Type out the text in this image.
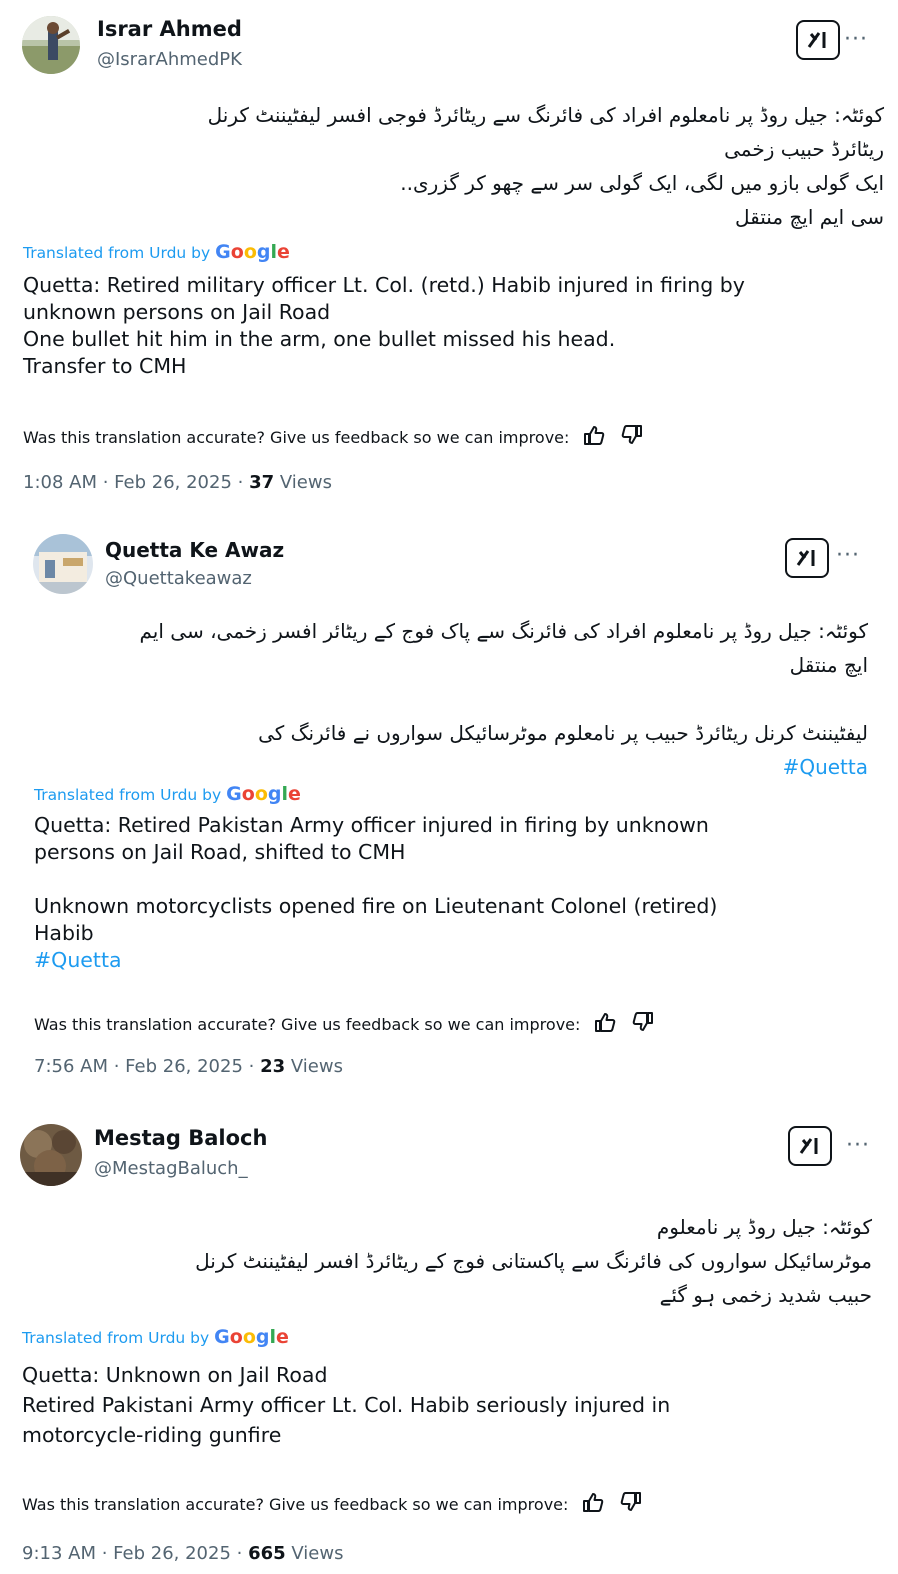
Israr Ahmed
@IsrarAhmedPK
···
کوئٹہ: جیل روڈ پر نامعلوم افراد کی فائرنگ سے ریٹائرڈ فوجی افسر لیفٹیننٹ کرنل
ریٹائرڈ حبیب زخمی
ایک گولی بازو میں لگی، ایک گولی سر سے چھو کر گزری..
سی ایم ایچ منتقل
Translated from Urdu by Google
Quetta: Retired military officer Lt. Col. (retd.) Habib injured in firing by
unknown persons on Jail Road
One bullet hit him in the arm, one bullet missed his head.
Transfer to CMH
Was this translation accurate? Give us feedback so we can improve:
1:08 AM · Feb 26, 2025 · 37 Views
Quetta Ke Awaz
@Quettakeawaz
···
کوئٹہ: جیل روڈ پر نامعلوم افراد کی فائرنگ سے پاک فوج کے ریٹائر افسر زخمی، سی ایم
ایچ منتقل
لیفٹیننٹ کرنل ریٹائرڈ حبیب پر نامعلوم موٹرسائیکل سواروں نے فائرنگ کی
#Quetta
Translated from Urdu by Google
Quetta: Retired Pakistan Army officer injured in firing by unknown
persons on Jail Road, shifted to CMH
Unknown motorcyclists opened fire on Lieutenant Colonel (retired)
Habib
#Quetta
Was this translation accurate? Give us feedback so we can improve:
7:56 AM · Feb 26, 2025 · 23 Views
Mestag Baloch
@MestagBaluch_
···
کوئٹہ: جیل روڈ پر نامعلوم
موٹرسائیکل سواروں کی فائرنگ سے پاکستانی فوج کے ریٹائرڈ افسر لیفٹیننٹ کرنل
حبیب شدید زخمی ہو گئے
Translated from Urdu by Google
Quetta: Unknown on Jail Road
Retired Pakistani Army officer Lt. Col. Habib seriously injured in
motorcycle-riding gunfire
Was this translation accurate? Give us feedback so we can improve:
9:13 AM · Feb 26, 2025 · 665 Views
